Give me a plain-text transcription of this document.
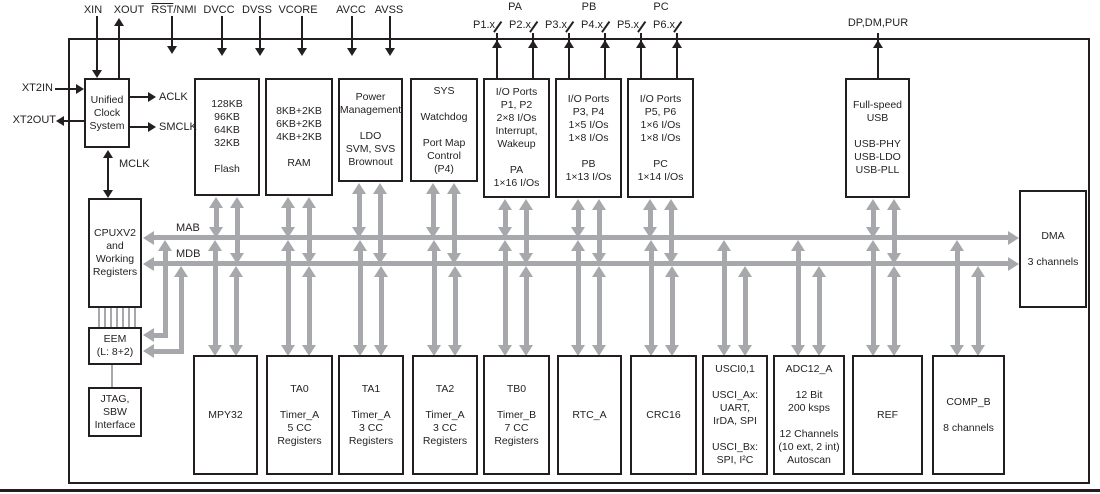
XIN	XOUT $\overline{RST}$/NMI DVCC DVSS VCORE	AVCC AVSS	PA	PB	PC
P1.x	P2.x	P3.x	P4.x	P5.x	P6.x	DP,DM,PUR
XT2IN
XT2OUT
ACLK
SMCLK
MCLK
MAB
MDB
Unified
Clock
System
128KB
96KB
64KB
32KB

Flash
8KB+2KB
6KB+2KB
4KB+2KB

RAM
Power
Management

LDO
SVM, SVS
Brownout
SYS

Watchdog

Port Map
Control
(P4)
I/O Ports
P1, P2
2×8 I/Os
Interrupt,
Wakeup

PA
1×16 I/Os
I/O Ports
P3, P4
1×5 I/Os
1×8 I/Os

PB
1×13 I/Os
I/O Ports
P5, P6
1×6 I/Os
1×8 I/Os

PC
1×14 I/Os
Full-speed
USB

USB-PHY
USB-LDO
USB-PLL
CPUXV2
and
Working
Registers
EEM
(L: 8+2)
JTAG,
SBW
Interface
DMA

3 channels
MPY32
TA0

Timer_A
5 CC
Registers
TA1

Timer_A
3 CC
Registers
TA2

Timer_A
3 CC
Registers
TB0

Timer_B
7 CC
Registers
RTC_A	CRC16
USCI0,1

USCI_Ax:
UART,
IrDA, SPI

USCI_Bx:
SPI, I²C
ADC12_A

12 Bit
200 ksps

12 Channels
(10 ext, 2 int)
Autoscan
REF
COMP_B

8 channels
